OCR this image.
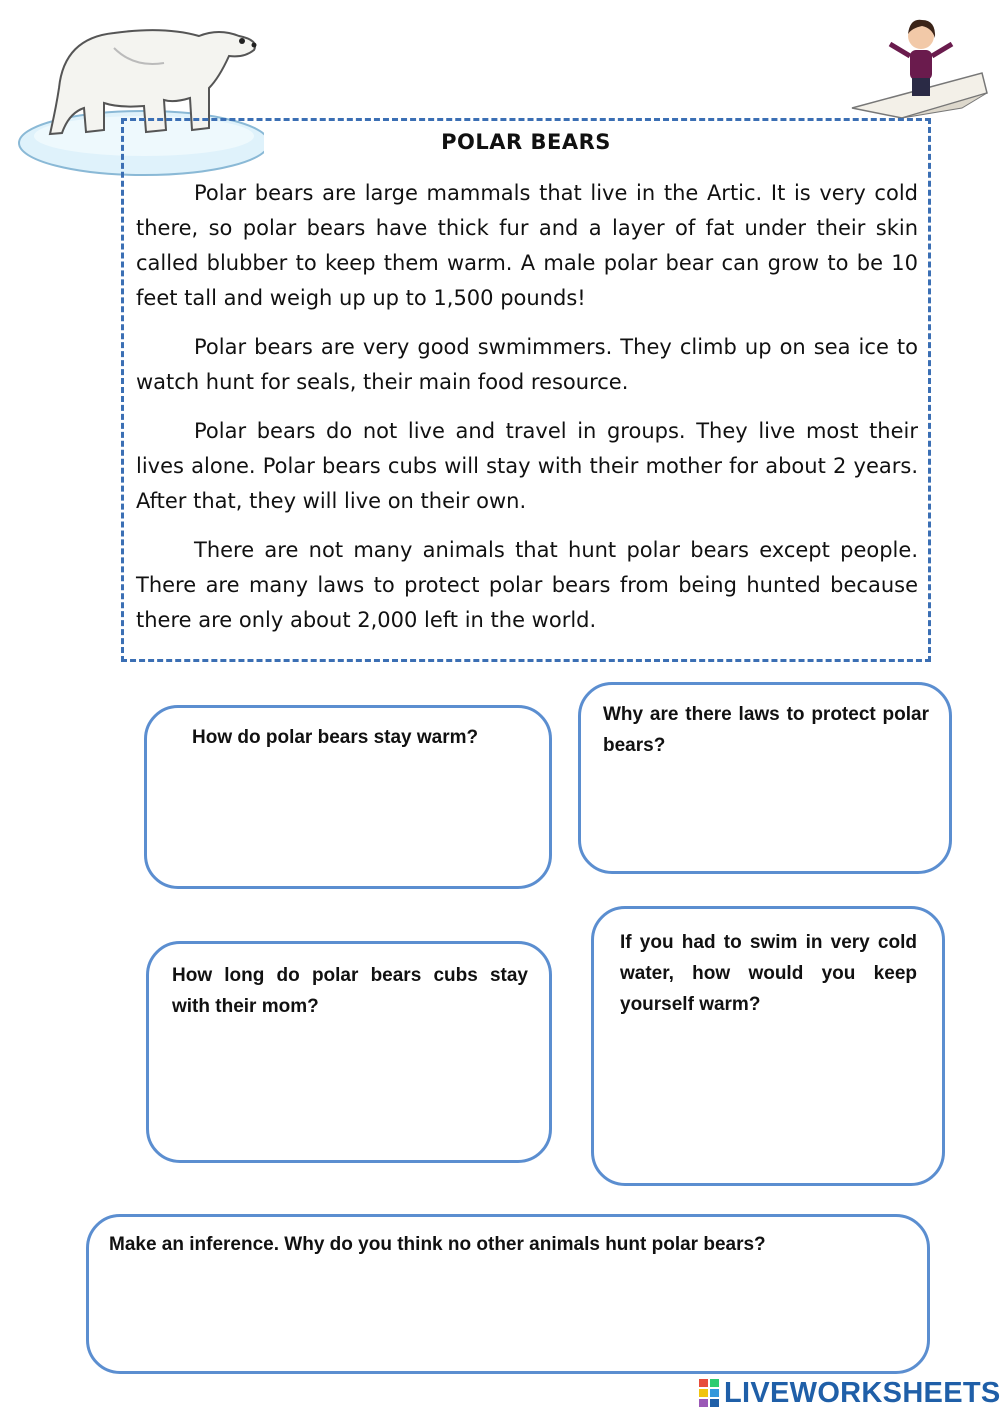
POLAR BEARS

Polar bears are large mammals that live in the Artic. It is very cold there, so polar bears have thick fur and a layer of fat under their skin called blubber to keep them warm. A male polar bear can grow to be 10 feet tall and weigh up up to 1,500 pounds!

Polar bears are very good swmimmers. They climb up on sea ice to watch hunt for seals, their main food resource.

Polar bears do not live and travel in groups. They live most their lives alone. Polar bears cubs will stay with their mother for about 2 years. After that, they will live on their own.

There are not many animals that hunt polar bears except people. There are many laws to protect polar bears from being hunted because there are only about 2,000 left in the world.

How do polar bears stay warm?
Why are there laws to protect polar bears?
How long do polar bears cubs stay with their mom?
If you had to swim in very cold water, how would you keep yourself warm?
Make an inference. Why do you think no other animals hunt polar bears?
LIVEWORKSHEETS
